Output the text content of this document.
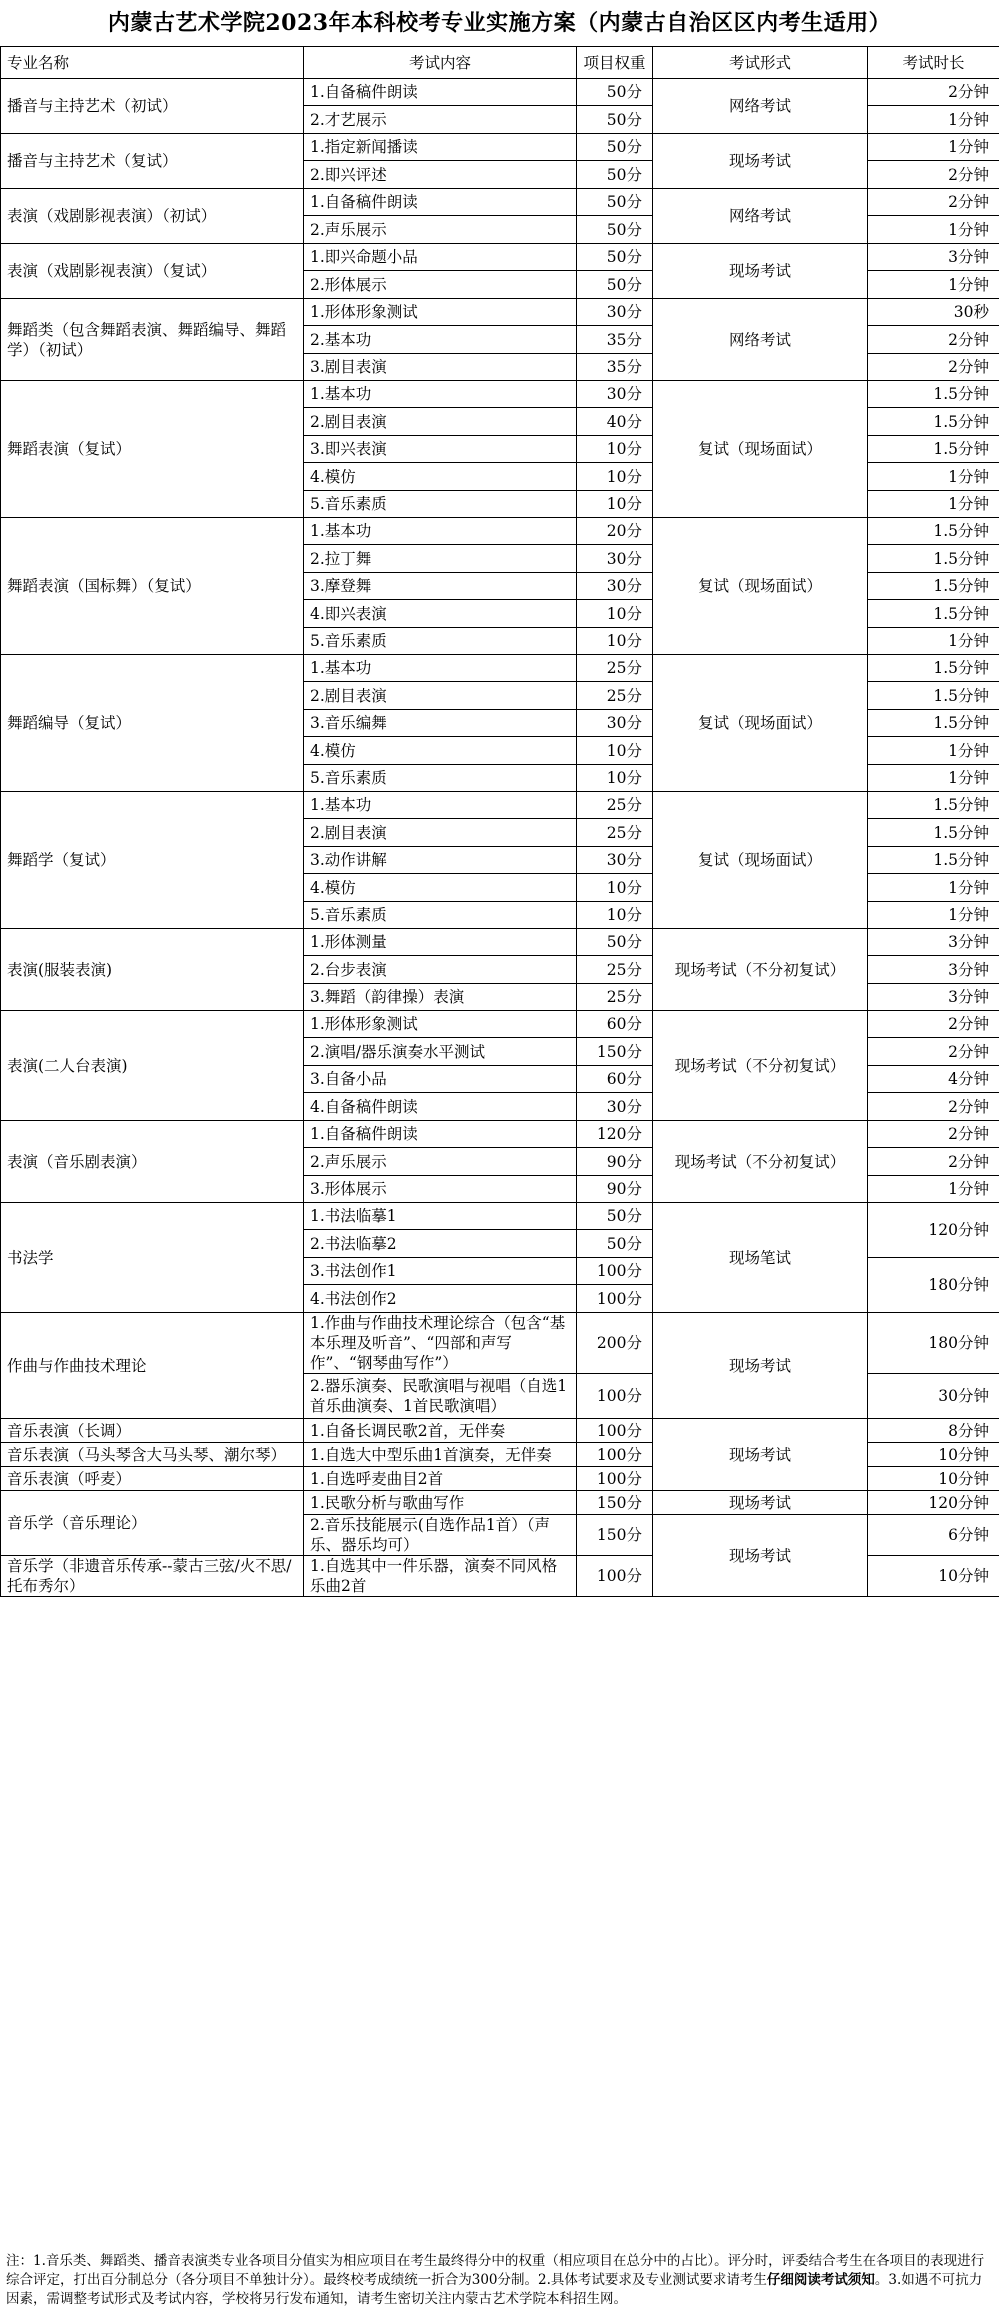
内蒙古艺术学院2023年本科校考专业实施方案（内蒙古自治区区内考生适用）
专业名称	考试内容	项目权重	考试形式	考试时长
播音与主持艺术（初试）	1.自备稿件朗读	50分	网络考试	2分钟
	2.才艺展示	50分		1分钟
播音与主持艺术（复试）	1.指定新闻播读	50分	现场考试	1分钟
	2.即兴评述	50分		2分钟
表演（戏剧影视表演）（初试）	1.自备稿件朗读	50分	网络考试	2分钟
	2.声乐展示	50分		1分钟
表演（戏剧影视表演）（复试）	1.即兴命题小品	50分	现场考试	3分钟
	2.形体展示	50分		1分钟
舞蹈类（包含舞蹈表演、舞蹈编导、舞蹈学）（初试）	1.形体形象测试	30分	网络考试	30秒
	2.基本功	35分		2分钟
	3.剧目表演	35分		2分钟
舞蹈表演（复试）	1.基本功	30分	复试（现场面试）	1.5分钟
	2.剧目表演	40分		1.5分钟
	3.即兴表演	10分		1.5分钟
	4.模仿	10分		1分钟
	5.音乐素质	10分		1分钟
舞蹈表演（国标舞）（复试）	1.基本功	20分	复试（现场面试）	1.5分钟
	2.拉丁舞	30分		1.5分钟
	3.摩登舞	30分		1.5分钟
	4.即兴表演	10分		1.5分钟
	5.音乐素质	10分		1分钟
舞蹈编导（复试）	1.基本功	25分	复试（现场面试）	1.5分钟
	2.剧目表演	25分		1.5分钟
	3.音乐编舞	30分		1.5分钟
	4.模仿	10分		1分钟
	5.音乐素质	10分		1分钟
舞蹈学（复试）	1.基本功	25分	复试（现场面试）	1.5分钟
	2.剧目表演	25分		1.5分钟
	3.动作讲解	30分		1.5分钟
	4.模仿	10分		1分钟
	5.音乐素质	10分		1分钟
表演(服装表演)	1.形体测量	50分	现场考试（不分初复试）	3分钟
	2.台步表演	25分		3分钟
	3.舞蹈（韵律操）表演	25分		3分钟
表演(二人台表演)	1.形体形象测试	60分	现场考试（不分初复试）	2分钟
	2.演唱/器乐演奏水平测试	150分		2分钟
	3.自备小品	60分		4分钟
	4.自备稿件朗读	30分		2分钟
表演（音乐剧表演）	1.自备稿件朗读	120分	现场考试（不分初复试）	2分钟
	2.声乐展示	90分		2分钟
	3.形体展示	90分		1分钟
书法学	1.书法临摹1	50分	现场笔试	120分钟
	2.书法临摹2	50分		
	3.书法创作1	100分		180分钟
	4.书法创作2	100分		
作曲与作曲技术理论	1.作曲与作曲技术理论综合（包含“基本乐理及听音”、“四部和声写作”、“钢琴曲写作”）	200分	现场考试	180分钟
	2.器乐演奏、民歌演唱与视唱（自选1首乐曲演奏、1首民歌演唱）	100分		30分钟
音乐表演（长调）	1.自备长调民歌2首，无伴奏	100分	现场考试	8分钟
音乐表演（马头琴含大马头琴、潮尔琴）	1.自选大中型乐曲1首演奏，无伴奏	100分		10分钟
音乐表演（呼麦）	1.自选呼麦曲目2首	100分		10分钟
音乐学（音乐理论）	1.民歌分析与歌曲写作	150分	现场考试	120分钟
	2.音乐技能展示(自选作品1首）（声乐、器乐均可）	150分	现场考试	6分钟
音乐学（非遗音乐传承--蒙古三弦/火不思/托布秀尔）	1.自选其中一件乐器，演奏不同风格乐曲2首	100分		10分钟
注：1.音乐类、舞蹈类、播音表演类专业各项目分值实为相应项目在考生最终得分中的权重（相应项目在总分中的占比）。评分时，评委结合考生在各项目的表现进行综合评定，打出百分制总分（各分项目不单独计分）。最终校考成绩统一折合为300分制。2.具体考试要求及专业测试要求请考生仔细阅读考试须知。3.如遇不可抗力因素，需调整考试形式及考试内容，学校将另行发布通知，请考生密切关注内蒙古艺术学院本科招生网。
